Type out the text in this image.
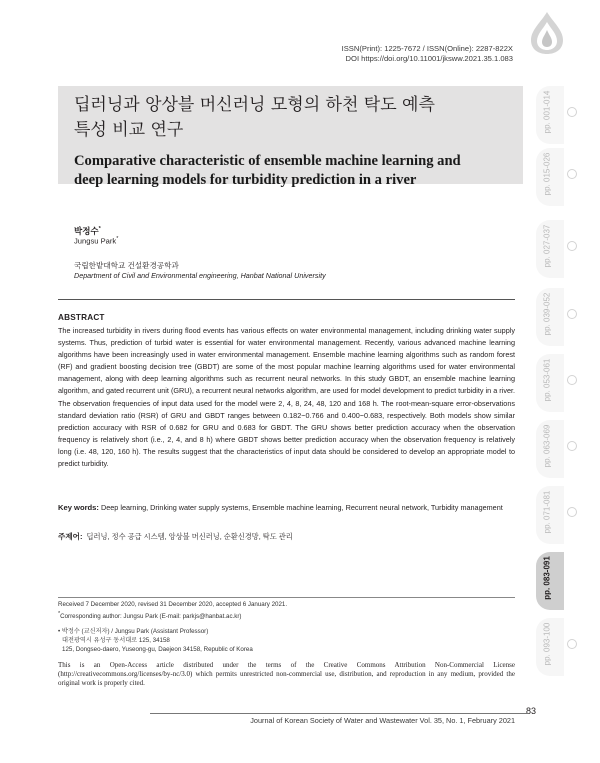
ISSN(Print): 1225-7672 / ISSN(Online): 2287-822X
DOI https://doi.org/10.11001/jksww.2021.35.1.083
딥러닝과 앙상블 머신러닝 모형의 하천 탁도 예측
특성 비교 연구
Comparative characteristic of ensemble machine learning and
deep learning models for turbidity prediction in a river
박정수*
Jungsu Park*
국립한밭대학교 건설환경공학과
Department of Civil and Environmental engineering, Hanbat National University
ABSTRACT
The increased turbidity in rivers during flood events has various effects on water environmental management, including drinking water supply systems. Thus, prediction of turbid water is essential for water environmental management. Recently, various advanced machine learning algorithms have been increasingly used in water environmental management. Ensemble machine learning algorithms such as random forest (RF) and gradient boosting decision tree (GBDT) are some of the most popular machine learning algorithms used for water environmental management, along with deep learning algorithms such as recurrent neural networks. In this study GBDT, an ensemble machine learning algorithm, and gated recurrent unit (GRU), a recurrent neural networks algorithm, are used for model development to predict turbidity in a river. The observation frequencies of input data used for the model were 2, 4, 8, 24, 48, 120 and 168 h. The root-mean-square error-observations standard deviation ratio (RSR) of GRU and GBDT ranges between 0.182~0.766 and 0.400~0.683, respectively. Both models show similar prediction accuracy with RSR of 0.682 for GRU and 0.683 for GBDT. The GRU shows better prediction accuracy when the observation frequency is relatively short (i.e., 2, 4, and 8 h) where GBDT shows better prediction accuracy when the observation frequency is relatively long (i.e. 48, 120, 160 h). The results suggest that the characteristics of input data should be considered to develop an appropriate model to predict turbidity.
Key words: Deep learning, Drinking water supply systems, Ensemble machine learning, Recurrent neural network, Turbidity management
주제어: 딥러닝, 정수 공급 시스템, 앙상블 머신러닝, 순환신경망, 탁도 관리
Received 7 December 2020, revised 31 December 2020, accepted 6 January 2021.
*Corresponding author: Jungsu Park (E-mail: parkjs@hanbat.ac.kr)
• 박정수 (교신저자) / Jungsu Park (Assistant Professor)
대전광역시 유성구 동서대로 125, 34158
125, Dongseo-daero, Yuseong-gu, Daejeon 34158, Republic of Korea
This is an Open-Access article distributed under the terms of the Creative Commons Attribution Non-Commercial License (http://creativecommons.org/licenses/by-nc/3.0) which permits unrestricted non-commercial use, distribution, and reproduction in any medium, provided the original work is properly cited.
83
Journal of Korean Society of Water and Wastewater Vol. 35, No. 1, February 2021
pp. 001-014
pp. 015-026
pp. 027-037
pp. 039-052
pp. 053-061
pp. 063-069
pp. 071-081
pp. 083-091
pp. 093-100
